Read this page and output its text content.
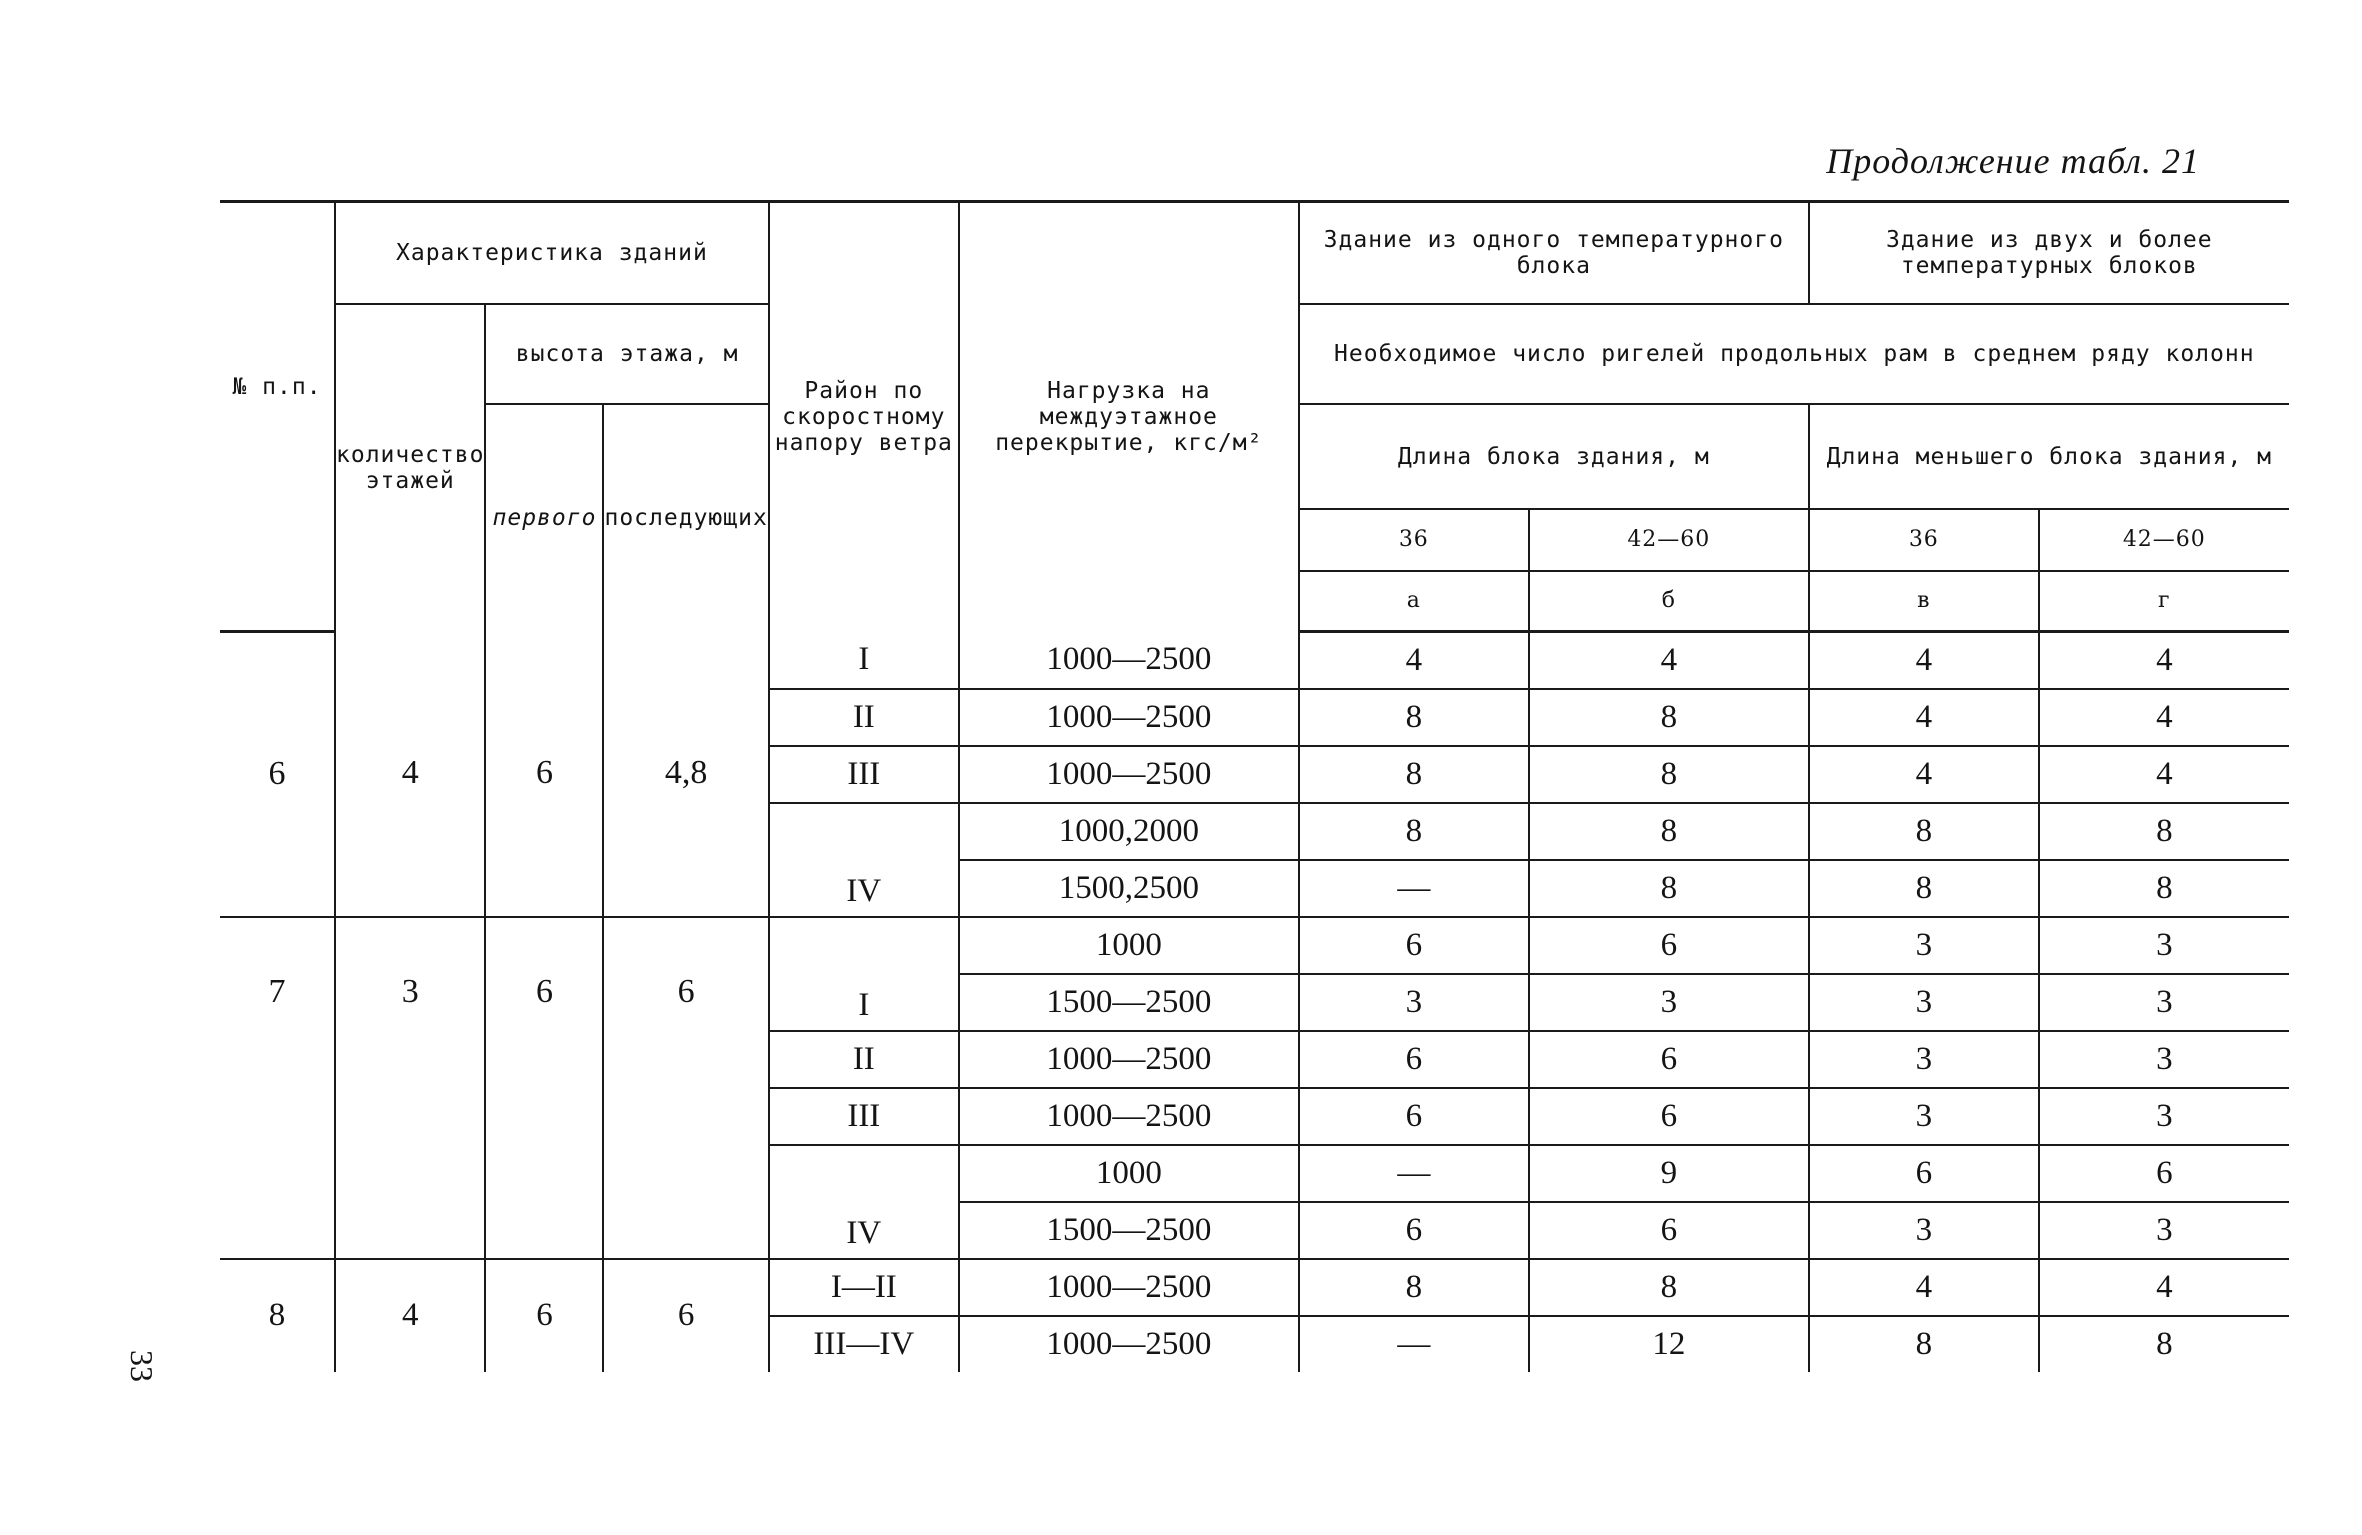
Продолжение табл. 21
33
№ п.п.	Характеристика зданий			Район по скоростному напору ветра	Нагрузка на междуэтажное перекрытие, кгс/м²	Здание из одного температурного блока		Здание из двух и более температурных блоков	
	количество этажей	высота этажа, м				Необходимое число ригелей продольных рам в среднем ряду колонн			
		первого	последующих			Длина блока здания, м		Длина меньшего блока здания, м	
						36	42—60	36	42—60
						а	б	в	г
6	4	6	4,8	I	1000—2500	4	4	4	4
				II	1000—2500	8	8	4	4
				III	1000—2500	8	8	4	4
				IV	1000,2000	8	8	8	8
					1500,2500	—	8	8	8
7	3	6	6	I	1000	6	6	3	3
					1500—2500	3	3	3	3
				II	1000—2500	6	6	3	3
				III	1000—2500	6	6	3	3
				IV	1000	—	9	6	6
					1500—2500	6	6	3	3
8	4	6	6	I—II	1000—2500	8	8	4	4
				III—IV	1000—2500	—	12	8	8
